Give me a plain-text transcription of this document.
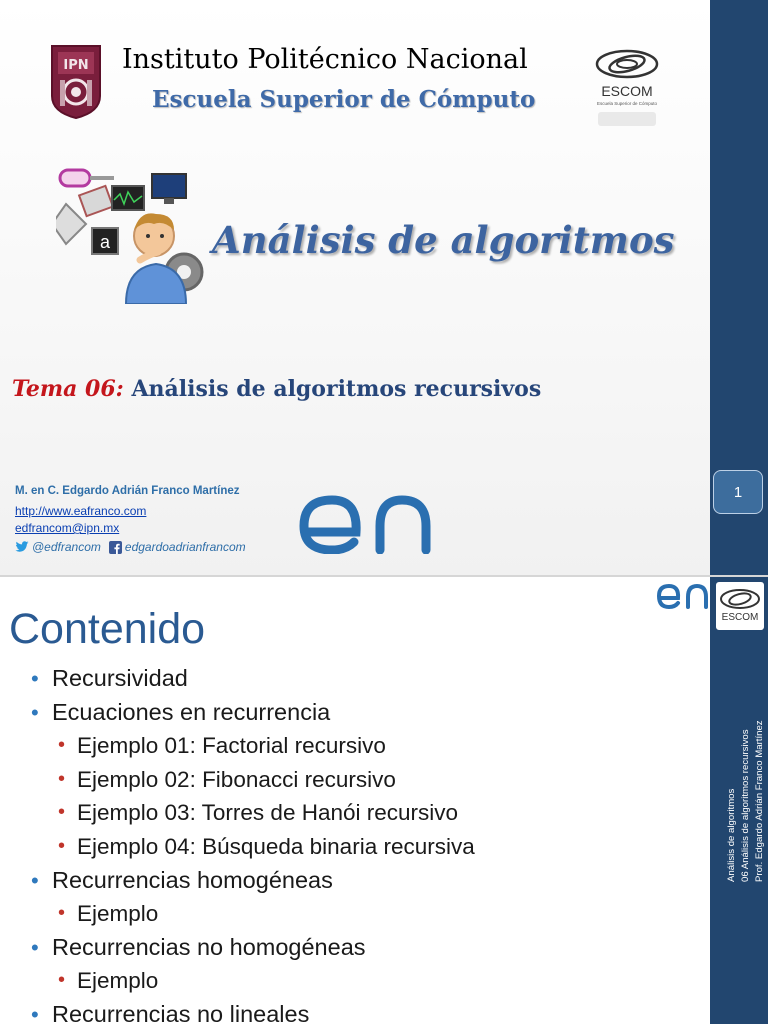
IPN Instituto Politécnico Nacional
Escuela Superior de Cómputo	ESCOM
Escuela Superior de Cómputo
a	Análisis de algoritmos
Tema 06: Análisis de algoritmos recursivos
M. en C. Edgardo Adrián Franco Martínez
http://www.eafranco.com
edfrancom@ipn.mx
@edfrancom edgardoadrianfrancom
1
ESCOM
Contenido
• Recursividad
• Ecuaciones en recurrencia
• Ejemplo 01: Factorial recursivo
• Ejemplo 02: Fibonacci recursivo
• Ejemplo 03: Torres de Hanói recursivo
• Ejemplo 04: Búsqueda binaria recursiva
• Recurrencias homogéneas
• Ejemplo
• Recurrencias no homogéneas
• Ejemplo
• Recurrencias no lineales
Análisis de algoritmos 06 Análisis de algoritmos recursivos Prof. Edgardo Adrián Franco Martínez
